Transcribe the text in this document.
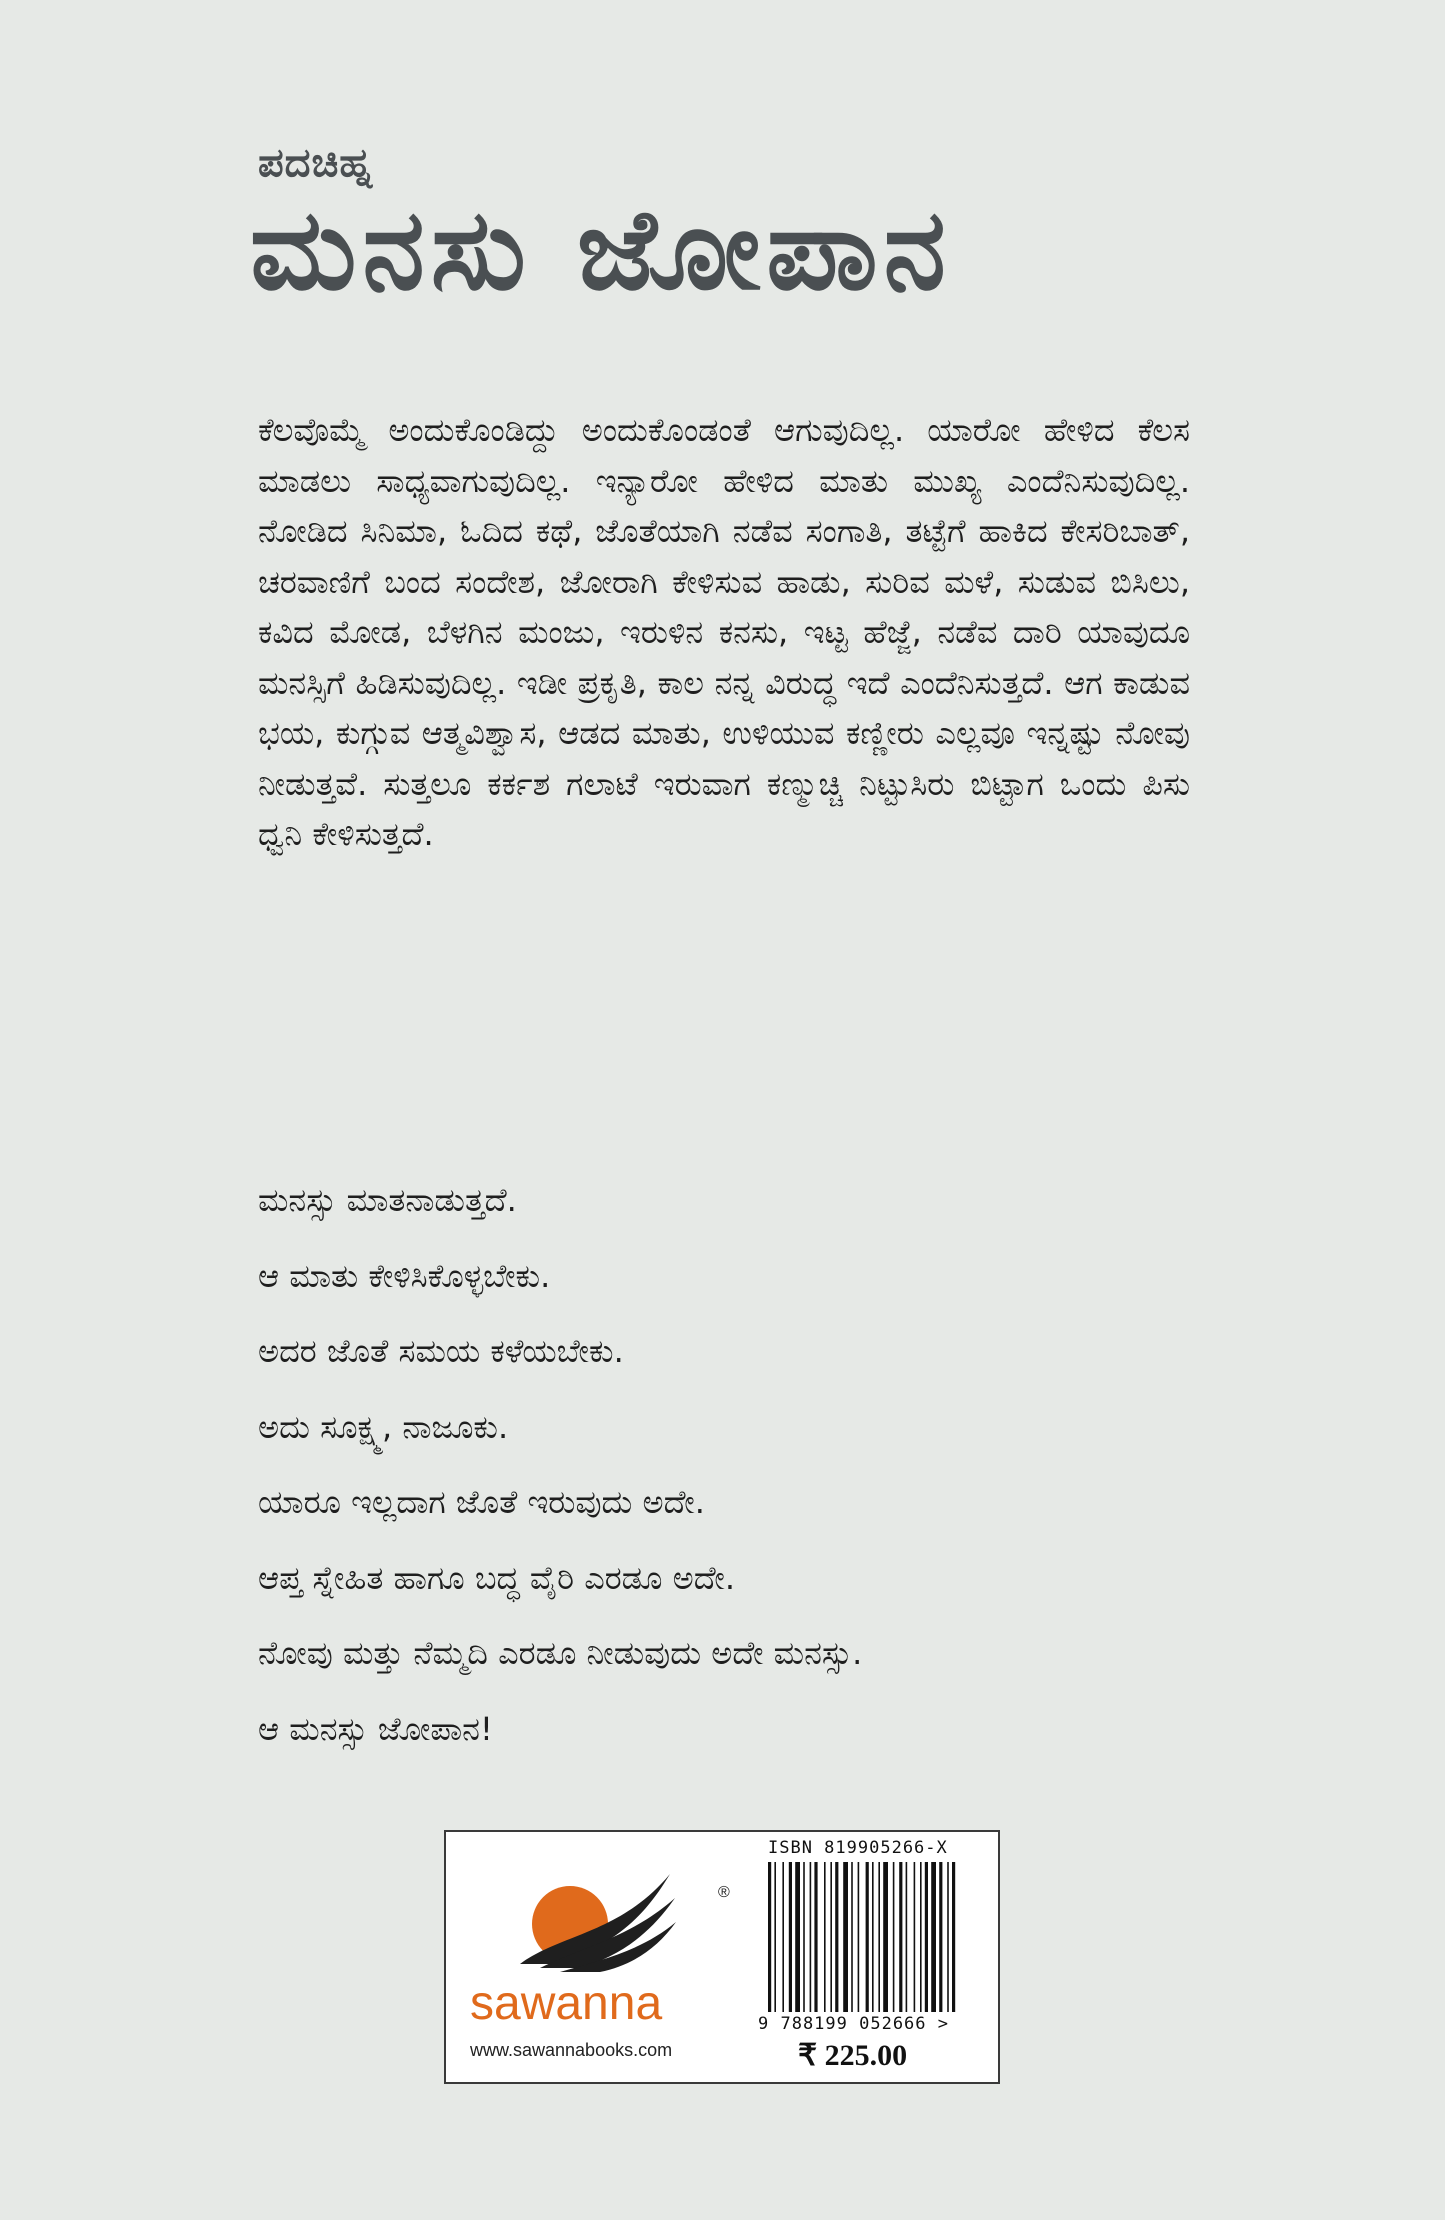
ಪದಚಿಹ್ನ
ಮನಸು ಜೋಪಾನ

ಕೆಲವೊಮ್ಮೆ ಅಂದುಕೊಂಡಿದ್ದು ಅಂದುಕೊಂಡಂತೆ ಆಗುವುದಿಲ್ಲ. ಯಾರೋ ಹೇಳಿದ ಕೆಲಸ ಮಾಡಲು ಸಾಧ್ಯವಾಗುವುದಿಲ್ಲ. ಇನ್ಯಾರೋ ಹೇಳಿದ ಮಾತು ಮುಖ್ಯ ಎಂದೆನಿಸುವುದಿಲ್ಲ. ನೋಡಿದ ಸಿನಿಮಾ, ಓದಿದ ಕಥೆ, ಜೊತೆಯಾಗಿ ನಡೆವ ಸಂಗಾತಿ, ತಟ್ಟೆಗೆ ಹಾಕಿದ ಕೇಸರಿಬಾತ್, ಚರವಾಣಿಗೆ ಬಂದ ಸಂದೇಶ, ಜೋರಾಗಿ ಕೇಳಿಸುವ ಹಾಡು, ಸುರಿವ ಮಳೆ, ಸುಡುವ ಬಿಸಿಲು, ಕವಿದ ಮೋಡ, ಬೆಳಗಿನ ಮಂಜು, ಇರುಳಿನ ಕನಸು, ಇಟ್ಟ ಹೆಜ್ಜೆ, ನಡೆವ ದಾರಿ ಯಾವುದೂ ಮನಸ್ಸಿಗೆ ಹಿಡಿಸುವುದಿಲ್ಲ. ಇಡೀ ಪ್ರಕೃತಿ, ಕಾಲ ನನ್ನ ವಿರುದ್ಧ ಇದೆ ಎಂದೆನಿಸುತ್ತದೆ. ಆಗ ಕಾಡುವ ಭಯ, ಕುಗ್ಗುವ ಆತ್ಮವಿಶ್ವಾಸ, ಆಡದ ಮಾತು, ಉಳಿಯುವ ಕಣ್ಣೀರು ಎಲ್ಲವೂ ಇನ್ನಷ್ಟು ನೋವು ನೀಡುತ್ತವೆ. ಸುತ್ತಲೂ ಕರ್ಕಶ ಗಲಾಟೆ ಇರುವಾಗ ಕಣ್ಮುಚ್ಚಿ ನಿಟ್ಟುಸಿರು ಬಿಟ್ಟಾಗ ಒಂದು ಪಿಸು ಧ್ವನಿ ಕೇಳಿಸುತ್ತದೆ.

ಮನಸ್ಸು ಮಾತನಾಡುತ್ತದೆ.
ಆ ಮಾತು ಕೇಳಿಸಿಕೊಳ್ಳಬೇಕು.
ಅದರ ಜೊತೆ ಸಮಯ ಕಳೆಯಬೇಕು.
ಅದು ಸೂಕ್ಷ್ಮ, ನಾಜೂಕು.
ಯಾರೂ ಇಲ್ಲದಾಗ ಜೊತೆ ಇರುವುದು ಅದೇ.
ಆಪ್ತ ಸ್ನೇಹಿತ ಹಾಗೂ ಬದ್ಧ ವೈರಿ ಎರಡೂ ಅದೇ.
ನೋವು ಮತ್ತು ನೆಮ್ಮದಿ ಎರಡೂ ನೀಡುವುದು ಅದೇ ಮನಸ್ಸು.
ಆ ಮನಸ್ಸು ಜೋಪಾನ!
sawanna
www.sawannabooks.com
®
ISBN 819905266-X
9 788199 052666 >
₹ 225.00
